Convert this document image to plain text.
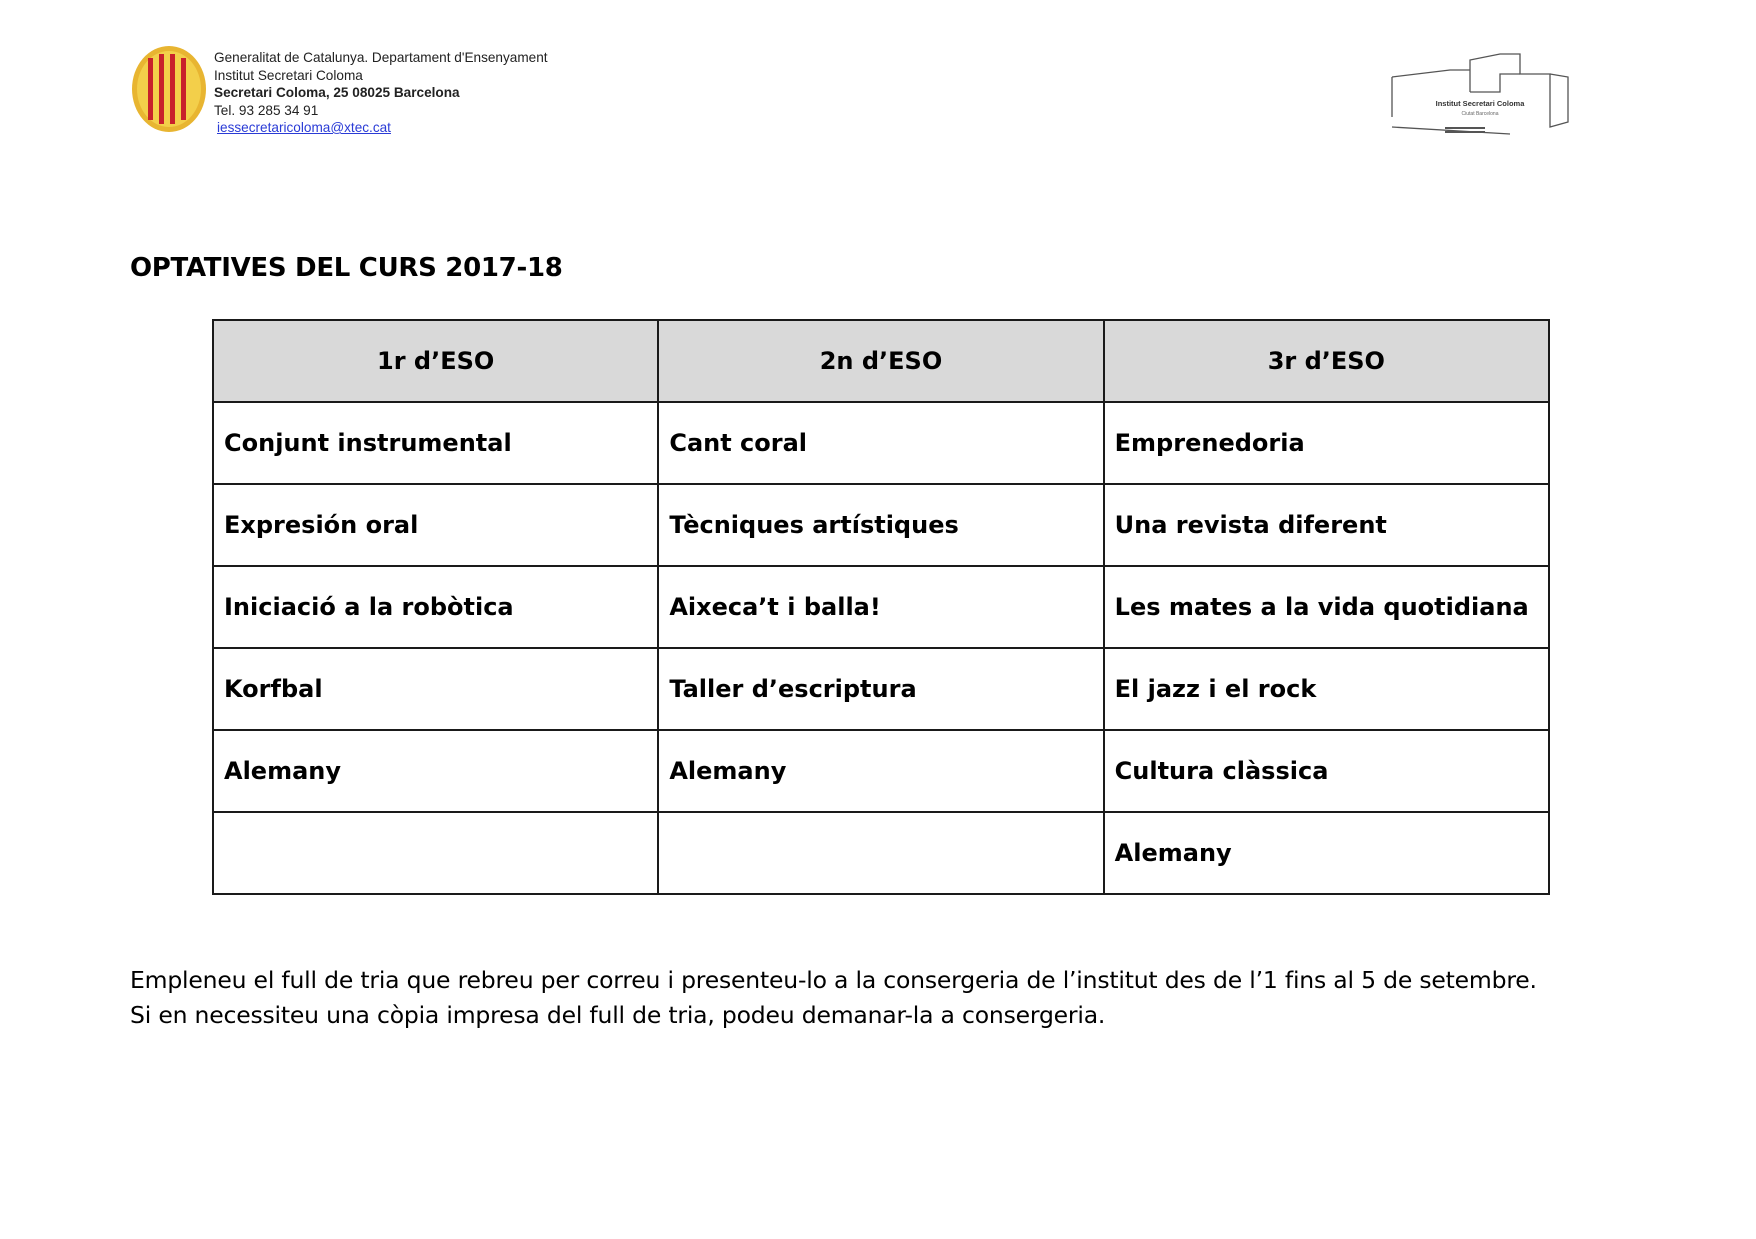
Generalitat de Catalunya. Departament d'Ensenyament
Institut Secretari Coloma
Secretari Coloma, 25 08025 Barcelona
Tel. 93 285 34 91
iessecretaricoloma@xtec.cat
Institut Secretari Coloma
Ciutat Barcelona
OPTATIVES DEL CURS 2017-18
1r d’ESO	2n d’ESO	3r d’ESO
Conjunt instrumental	Cant coral	Emprenedoria
Expresión oral	Tècniques artístiques	Una revista diferent
Iniciació a la robòtica	Aixeca’t i balla!	Les mates a la vida quotidiana
Korfbal	Taller d’escriptura	El jazz i el rock
Alemany	Alemany	Cultura clàssica
		Alemany
Empleneu el full de tria que rebreu per correu i presenteu-lo a la consergeria de l’institut des de l’1 fins al 5 de setembre.
Si en necessiteu una còpia impresa del full de tria, podeu demanar-la a consergeria.
